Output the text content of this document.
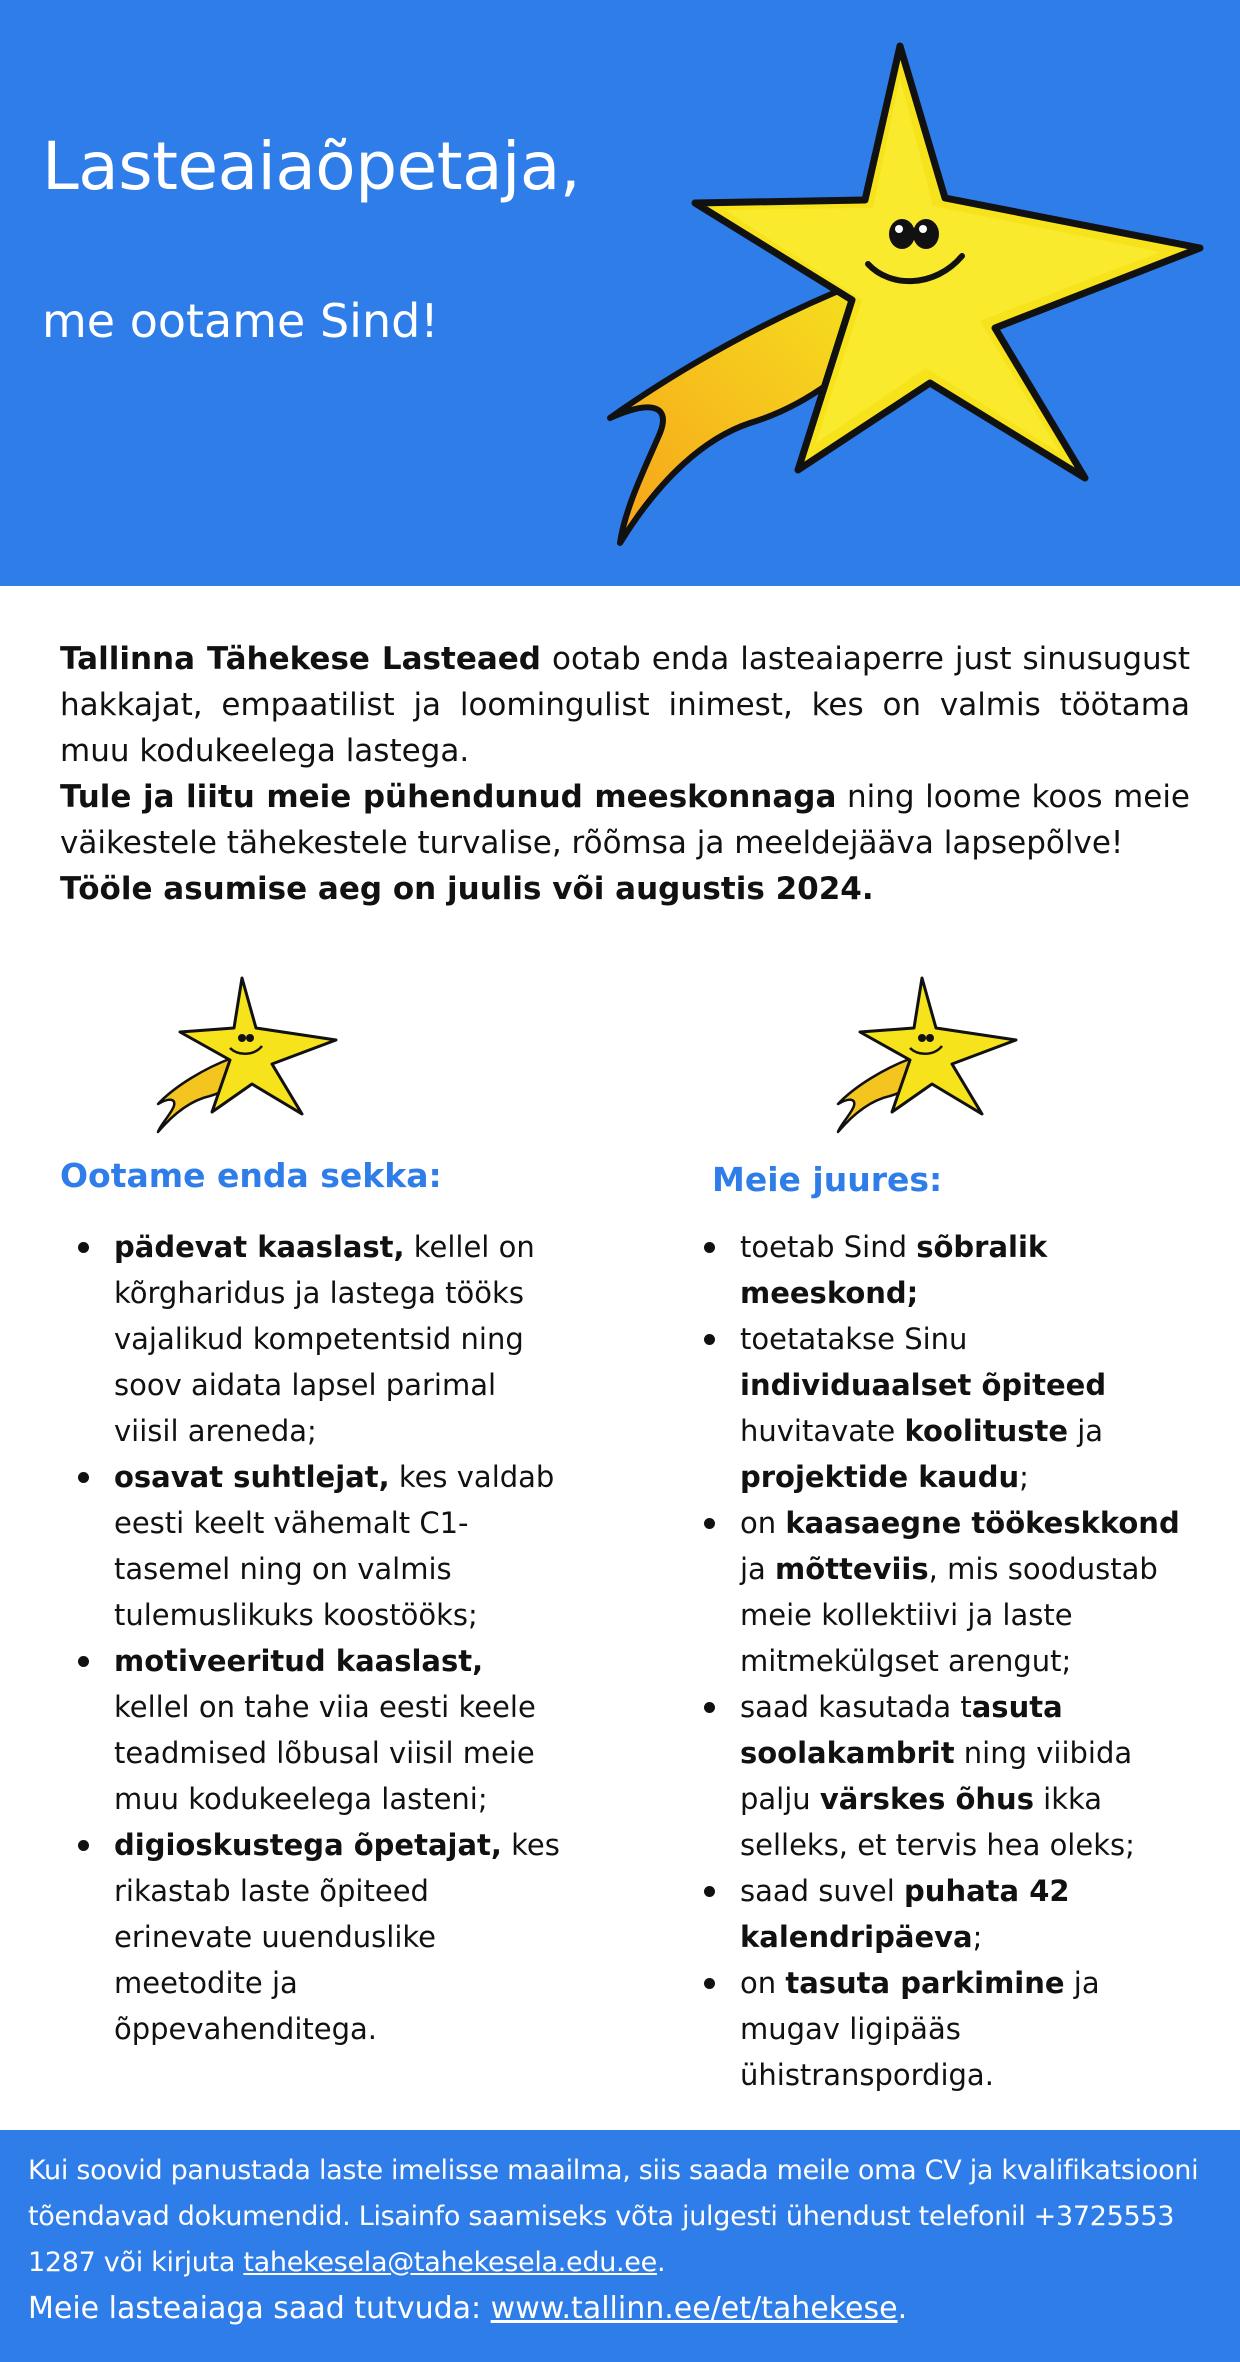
Lasteaiaõpetaja,
me ootame Sind!

Tallinna Tähekese Lasteaed ootab enda lasteaiaperre just sinusugust hakkajat, empaatilist ja loomingulist inimest, kes on valmis töötama muu kodukeelega lastega.

Tule ja liitu meie pühendunud meeskonnaga ning loome koos meie väikestele tähekestele turvalise, rõõmsa ja meeldejääva lapsepõlve!

Tööle asumise aeg on juulis või augustis 2024.

Ootame enda sekka:
pädevat kaaslast, kellel on kõrgharidus ja lastega tööks vajalikud kompetentsid ning soov aidata lapsel parimal viisil areneda;
osavat suhtlejat, kes valdab eesti keelt vähemalt C1-tasemel ning on valmis tulemuslikuks koostööks;
motiveeritud kaaslast, kellel on tahe viia eesti keele teadmised lõbusal viisil meie muu kodukeelega lasteni;
digioskustega õpetajat, kes rikastab laste õpiteed erinevate uuenduslike meetodite ja õppevahenditega.
Meie juures:
toetab Sind sõbralik meeskond;
toetatakse Sinu individuaalset õpiteed huvitavate koolituste ja projektide kaudu;
on kaasaegne töökeskkond ja mõtteviis, mis soodustab meie kollektiivi ja laste mitmekülgset arengut;
saad kasutada tasuta soolakambrit ning viibida palju värskes õhus ikka selleks, et tervis hea oleks;
saad suvel puhata 42 kalendripäeva;
on tasuta parkimine ja mugav ligipääs ühistranspordiga.
Kui soovid panustada laste imelisse maailma, siis saada meile oma CV ja kvalifikatsiooni tõendavad dokumendid. Lisainfo saamiseks võta julgesti ühendust telefonil +3725553 1287 või kirjuta tahekesela@tahekesela.edu.ee.
Meie lasteaiaga saad tutvuda: www.tallinn.ee/et/tahekese.
